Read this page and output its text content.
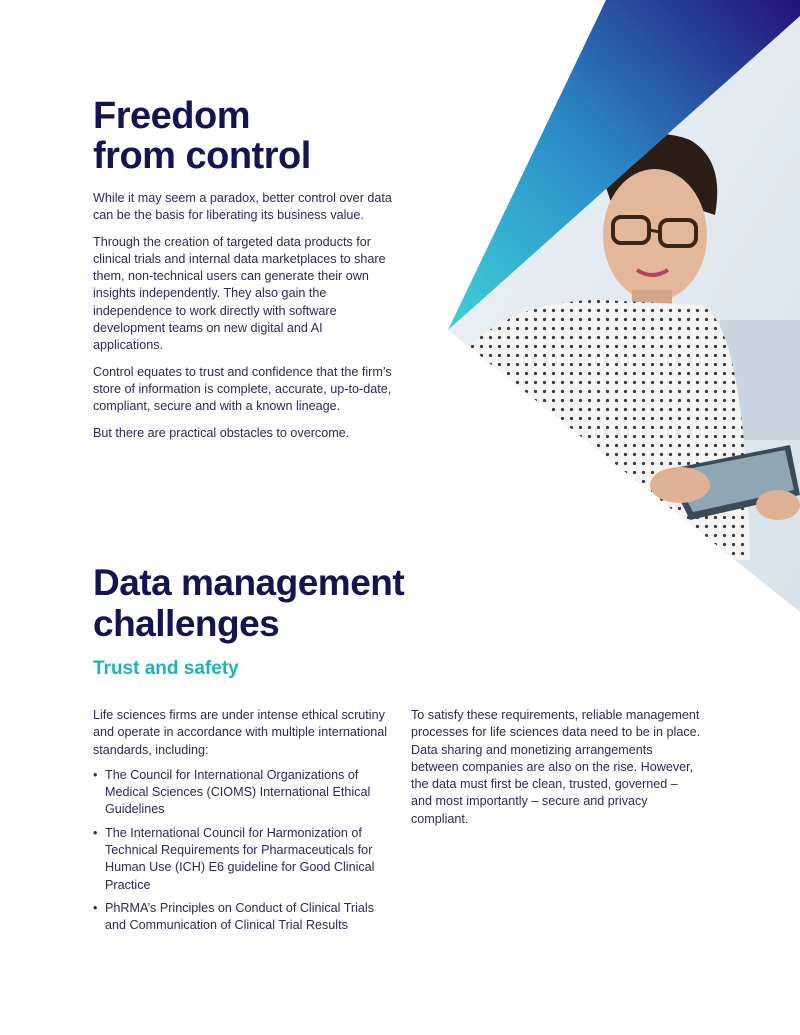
Freedom
from control

While it may seem a paradox, better control over data can be the basis for liberating its business value.

Through the creation of targeted data products for clinical trials and internal data marketplaces to share them, non-technical users can generate their own insights independently. They also gain the independence to work directly with software development teams on new digital and AI applications.

Control equates to trust and confidence that the firm’s store of information is complete, accurate, up-to-date, compliant, secure and with a known lineage.

But there are practical obstacles to overcome.

Data management
challenges
Trust and safety

Life sciences firms are under intense ethical scrutiny and operate in accordance with multiple international standards, including:

• The Council for International Organizations of Medical Sciences (CIOMS) International Ethical Guidelines
• The International Council for Harmonization of Technical Requirements for Pharmaceuticals for Human Use (ICH) E6 guideline for Good Clinical Practice
• PhRMA’s Principles on Conduct of Clinical Trials and Communication of Clinical Trial Results

To satisfy these requirements, reliable management processes for life sciences data need to be in place. Data sharing and monetizing arrangements between companies are also on the rise. However, the data must first be clean, trusted, governed – and most importantly – secure and privacy compliant.
